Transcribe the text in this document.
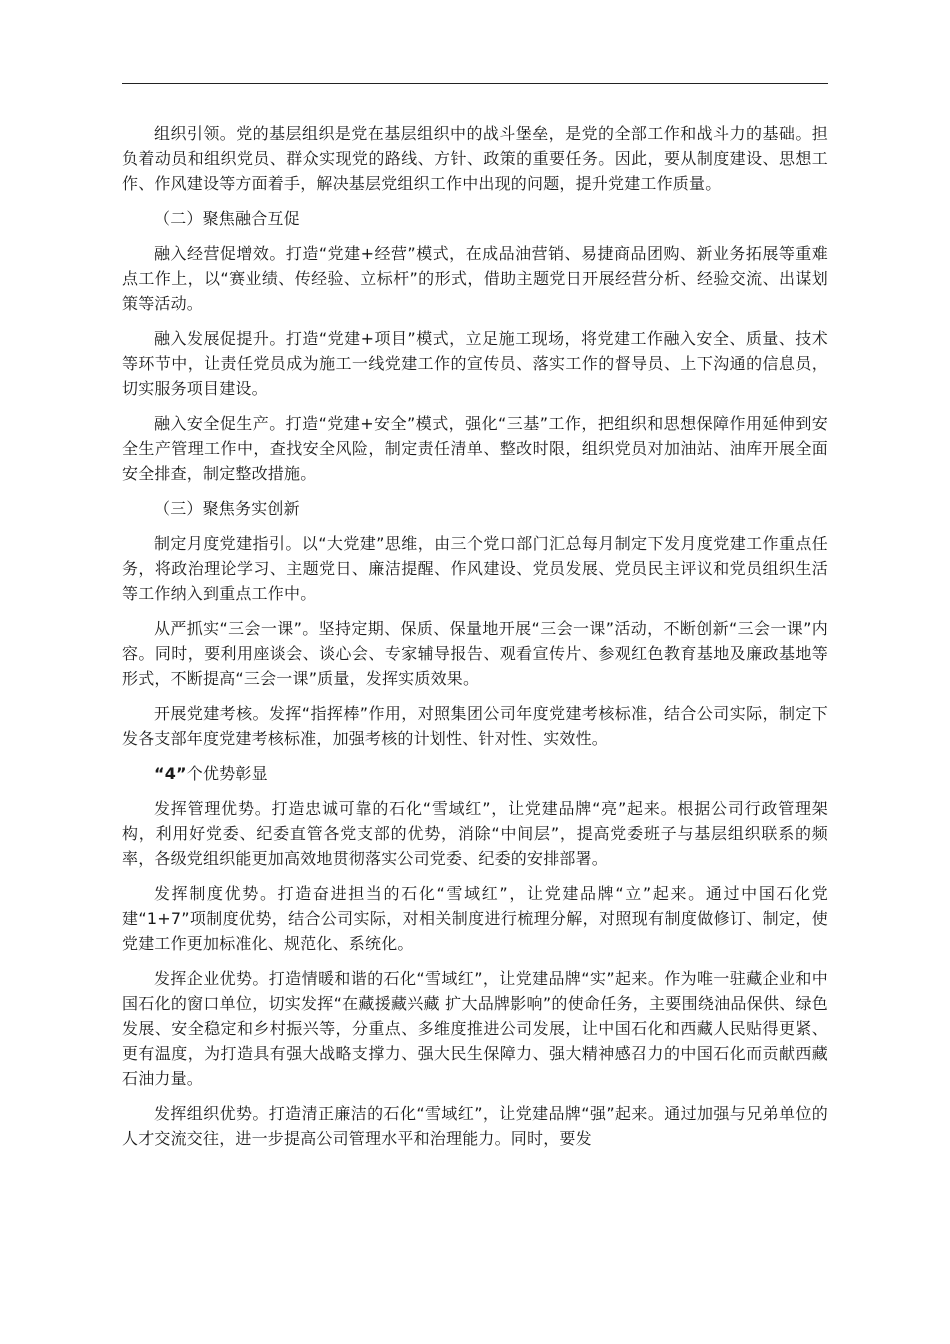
组织引领。党的基层组织是党在基层组织中的战斗堡垒，是党的全部工作和战斗力的基础。担负着动员和组织党员、群众实现党的路线、方针、政策的重要任务。因此，要从制度建设、思想工作、作风建设等方面着手，解决基层党组织工作中出现的问题，提升党建工作质量。

（二）聚焦融合互促

融入经营促增效。打造“党建+经营”模式，在成品油营销、易捷商品团购、新业务拓展等重难点工作上，以“赛业绩、传经验、立标杆”的形式，借助主题党日开展经营分析、经验交流、出谋划策等活动。

融入发展促提升。打造“党建+项目”模式，立足施工现场，将党建工作融入安全、质量、技术等环节中，让责任党员成为施工一线党建工作的宣传员、落实工作的督导员、上下沟通的信息员，切实服务项目建设。

融入安全促生产。打造“党建+安全”模式，强化“三基”工作，把组织和思想保障作用延伸到安全生产管理工作中，查找安全风险，制定责任清单、整改时限，组织党员对加油站、油库开展全面安全排查，制定整改措施。

（三）聚焦务实创新

制定月度党建指引。以“大党建”思维，由三个党口部门汇总每月制定下发月度党建工作重点任务，将政治理论学习、主题党日、廉洁提醒、作风建设、党员发展、党员民主评议和党员组织生活等工作纳入到重点工作中。

从严抓实“三会一课”。坚持定期、保质、保量地开展“三会一课”活动，不断创新“三会一课”内容。同时，要利用座谈会、谈心会、专家辅导报告、观看宣传片、参观红色教育基地及廉政基地等形式，不断提高“三会一课”质量，发挥实质效果。

开展党建考核。发挥“指挥棒”作用，对照集团公司年度党建考核标准，结合公司实际，制定下发各支部年度党建考核标准，加强考核的计划性、针对性、实效性。

“4”个优势彰显

发挥管理优势。打造忠诚可靠的石化“雪域红”，让党建品牌“亮”起来。根据公司行政管理架构，利用好党委、纪委直管各党支部的优势，消除“中间层”，提高党委班子与基层组织联系的频率，各级党组织能更加高效地贯彻落实公司党委、纪委的安排部署。

发挥制度优势。打造奋进担当的石化“雪域红”，让党建品牌“立”起来。通过中国石化党建“1+7”项制度优势，结合公司实际，对相关制度进行梳理分解，对照现有制度做修订、制定，使党建工作更加标准化、规范化、系统化。

发挥企业优势。打造情暖和谐的石化“雪域红”，让党建品牌“实”起来。作为唯一驻藏企业和中国石化的窗口单位，切实发挥“在藏援藏兴藏 扩大品牌影响”的使命任务，主要围绕油品保供、绿色发展、安全稳定和乡村振兴等，分重点、多维度推进公司发展，让中国石化和西藏人民贴得更紧、更有温度，为打造具有强大战略支撑力、强大民生保障力、强大精神感召力的中国石化而贡献西藏石油力量。

发挥组织优势。打造清正廉洁的石化“雪域红”，让党建品牌“强”起来。通过加强与兄弟单位的人才交流交往，进一步提高公司管理水平和治理能力。同时，要发
